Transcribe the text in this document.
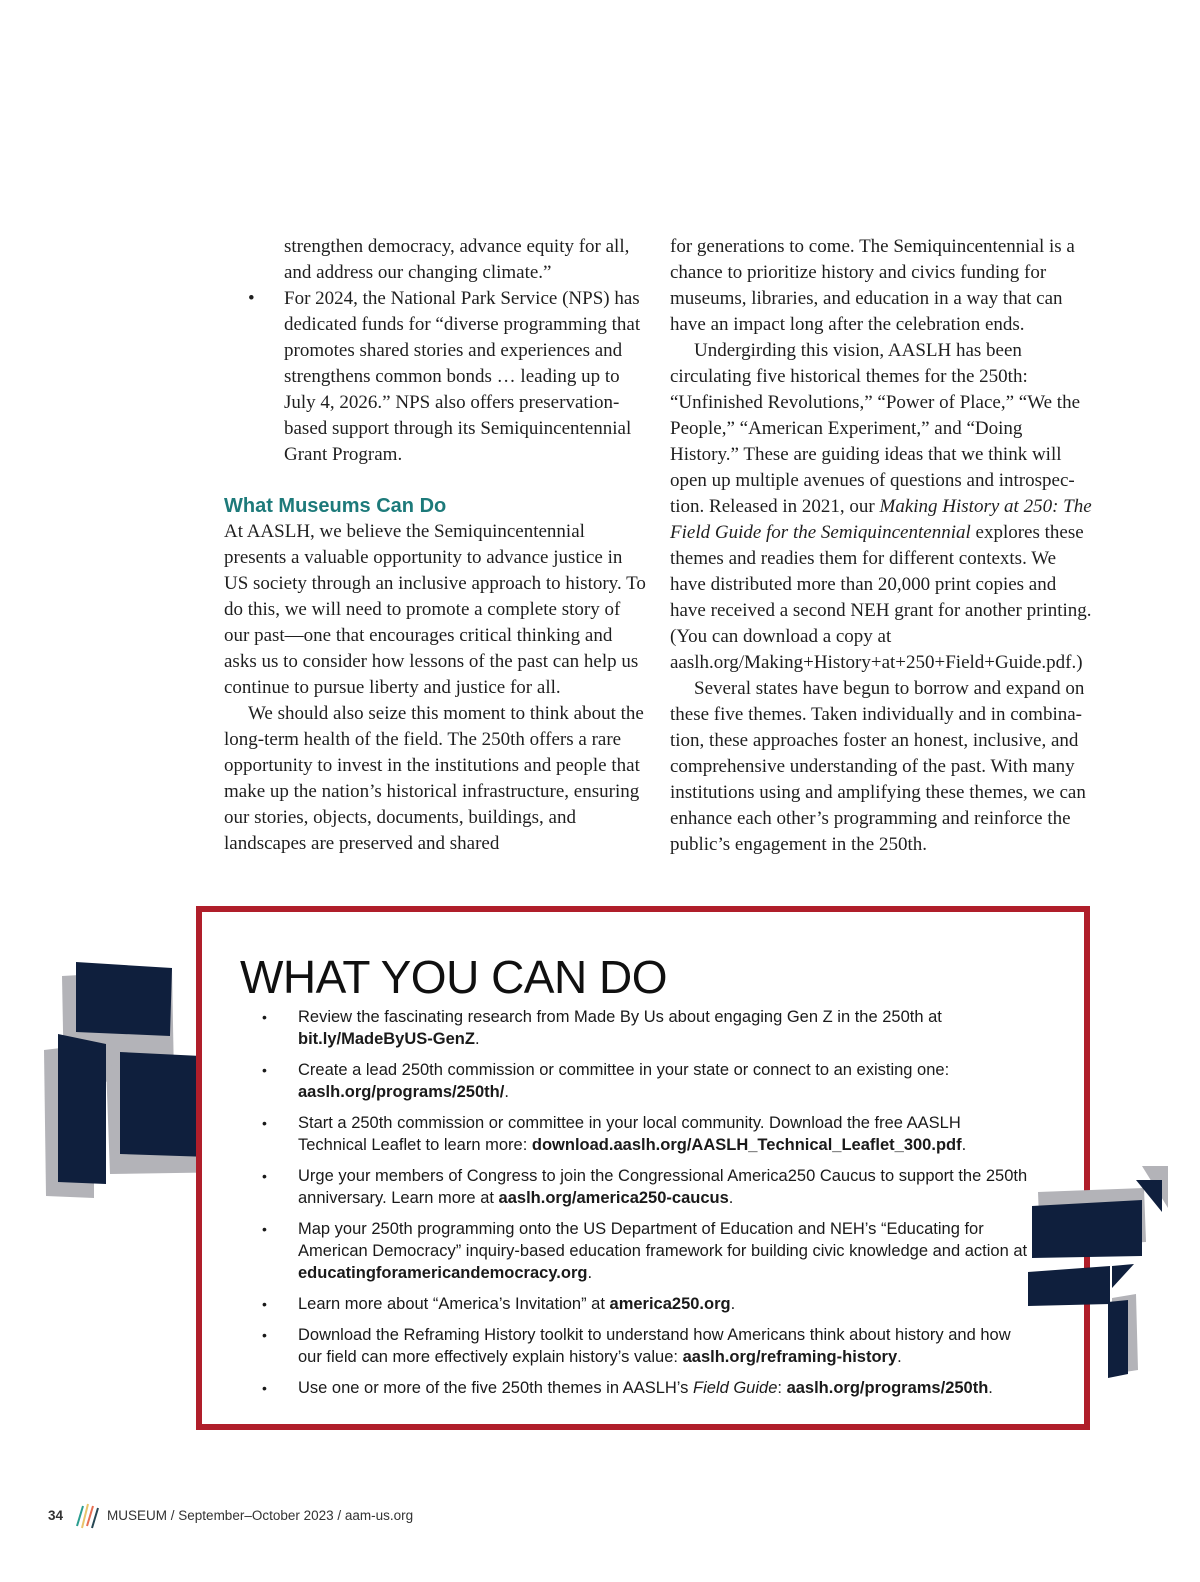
strengthen democracy, advance equity for all, and address our changing climate.”
• For 2024, the National Park Service (NPS) has dedicated funds for “diverse programming that promotes shared stories and experiences and strengthens common bonds … leading up to July 4, 2026.” NPS also offers preservation-based support through its Semiquincentennial Grant Program.
What Museums Can Do

At AASLH, we believe the Semiquincentennial presents a valuable opportunity to advance justice in US society through an inclusive approach to history. To do this, we will need to promote a complete story of our past—one that encourages critical thinking and asks us to consider how lessons of the past can help us continue to pursue liberty and justice for all.

We should also seize this moment to think about the long-term health of the field. The 250th offers a rare opportunity to invest in the institutions and people that make up the nation’s historical infrastructure, ensuring our stories, objects, documents, buildings, and landscapes are preserved and shared

for generations to come. The Semiquincentennial is a chance to prioritize history and civics funding for museums, libraries, and education in a way that can have an impact long after the celebration ends.

Undergirding this vision, AASLH has been circulating five historical themes for the 250th: “Unfinished Revolutions,” “Power of Place,” “We the People,” “American Experiment,” and “Doing History.” These are guiding ideas that we think will open up multiple avenues of questions and introspection. Released in 2021, our Making History at 250: The Field Guide for the Semiquincentennial explores these themes and readies them for different contexts. We have distributed more than 20,000 print copies and have received a second NEH grant for another printing. (You can download a copy at aaslh.org/Making+History+at+250+Field+Guide.pdf.)

Several states have begun to borrow and expand on these five themes. Taken individually and in combination, these approaches foster an honest, inclusive, and comprehensive understanding of the past. With many institutions using and amplifying these themes, we can enhance each other’s programming and reinforce the public’s engagement in the 250th.

WHAT YOU CAN DO
• Review the fascinating research from Made By Us about engaging Gen Z in the 250th at bit.ly/MadeByUS-GenZ.
• Create a lead 250th commission or committee in your state or connect to an existing one: aaslh.org/programs/250th/.
• Start a 250th commission or committee in your local community. Download the free AASLH Technical Leaflet to learn more: download.aaslh.org/AASLH_Technical_Leaflet_300.pdf.
• Urge your members of Congress to join the Congressional America250 Caucus to support the 250th anniversary. Learn more at aaslh.org/america250-caucus.
• Map your 250th programming onto the US Department of Education and NEH’s “Educating for American Democracy” inquiry-based education framework for building civic knowledge and action at educatingforamericandemocracy.org.
• Learn more about “America’s Invitation” at america250.org.
• Download the Reframing History toolkit to understand how Americans think about history and how our field can more effectively explain history’s value: aaslh.org/reframing-history.
• Use one or more of the five 250th themes in AASLH’s Field Guide: aaslh.org/programs/250th.
34	MUSEUM / September–October 2023 / aam-us.org
